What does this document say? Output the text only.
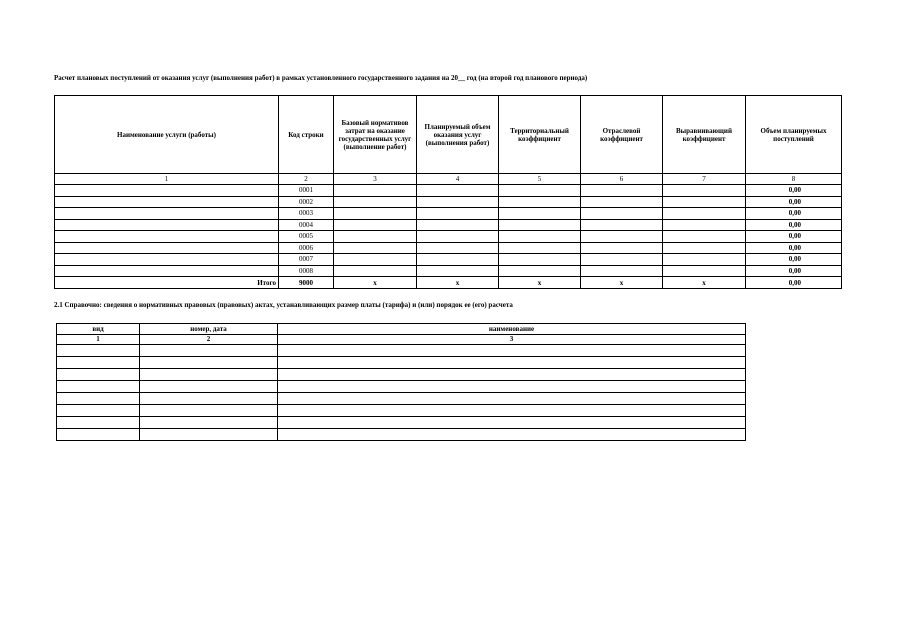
Расчет плановых поступлений от оказания услуг (выполнения работ) в рамках установленного государственного задания на 20__ год (на второй год планового периода)
Наименование услуги (работы)	Код строки	Базовый нормативов затрат на оказание государственных услуг (выполнение работ)	Планируемый объем оказания услуг (выполнения работ)	Территориальный коэффициент	Отраслевой коэффициент	Выравнивающий коэффициент	Объем планируемых поступлений
1	2	3	4	5	6	7	8
	0001						0,00
	0002						0,00
	0003						0,00
	0004						0,00
	0005						0,00
	0006						0,00
	0007						0,00
	0008						0,00
Итого	9000	x	x	x	x	x	0,00
2.1 Справочно: сведения о нормативных правовых (правовых) актах, устанавливающих размер платы (тарифа) и (или) порядок ее (его) расчета
вид	номер, дата	наименование
1	2	3
